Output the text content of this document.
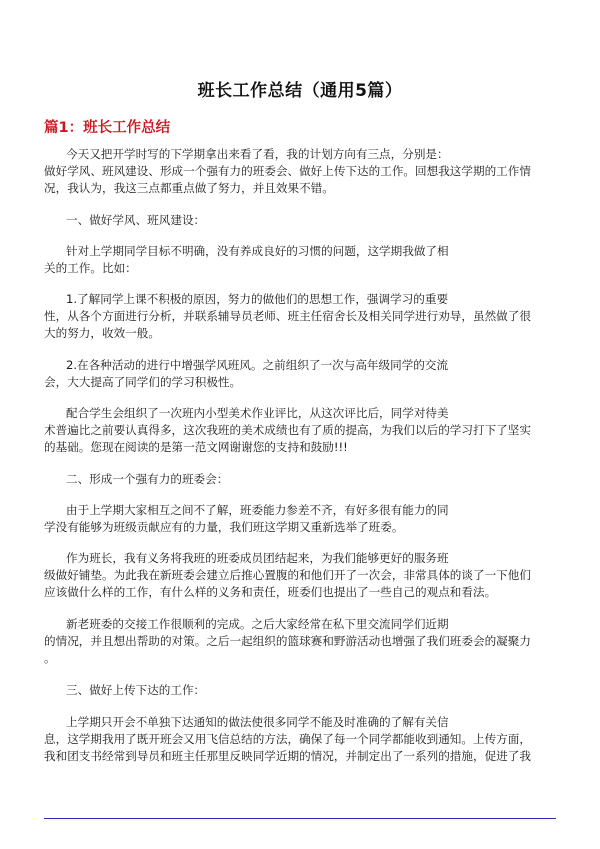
班长工作总结（通用5篇）
篇1：班长工作总结
今天又把开学时写的下学期拿出来看了看，我的计划方向有三点，分别是：
做好学风、班风建设、形成一个强有力的班委会、做好上传下达的工作。回想我这学期的工作情
况，我认为，我这三点都重点做了努力，并且效果不错。
一、做好学风、班风建设：
针对上学期同学目标不明确，没有养成良好的习惯的问题，这学期我做了相
关的工作。比如：
1.了解同学上课不积极的原因，努力的做他们的思想工作，强调学习的重要
性，从各个方面进行分析，并联系辅导员老师、班主任宿舍长及相关同学进行劝导，虽然做了很
大的努力，收效一般。
2.在各种活动的进行中增强学风班风。之前组织了一次与高年级同学的交流
会，大大提高了同学们的学习积极性。
配合学生会组织了一次班内小型美术作业评比，从这次评比后，同学对待美
术普遍比之前要认真得多，这次我班的美术成绩也有了质的提高，为我们以后的学习打下了坚实
的基础。您现在阅读的是第一范文网谢谢您的支持和鼓励!!!
二、形成一个强有力的班委会：
由于上学期大家相互之间不了解，班委能力参差不齐，有好多很有能力的同
学没有能够为班级贡献应有的力量，我们班这学期又重新选举了班委。
作为班长，我有义务将我班的班委成员团结起来，为我们能够更好的服务班
级做好铺垫。为此我在新班委会建立后推心置腹的和他们开了一次会，非常具体的谈了一下他们
应该做什么样的工作，有什么样的义务和责任，班委们也提出了一些自己的观点和看法。
新老班委的交接工作很顺利的完成。之后大家经常在私下里交流同学们近期
的情况，并且想出帮助的对策。之后一起组织的篮球赛和野游活动也增强了我们班委会的凝聚力
。
三、做好上传下达的工作：
上学期只开会不单独下达通知的做法使很多同学不能及时准确的了解有关信
息，这学期我用了既开班会又用飞信总结的方法，确保了每一个同学都能收到通知。上传方面，
我和团支书经常到导员和班主任那里反映同学近期的情况，并制定出了一系列的措施，促进了我
